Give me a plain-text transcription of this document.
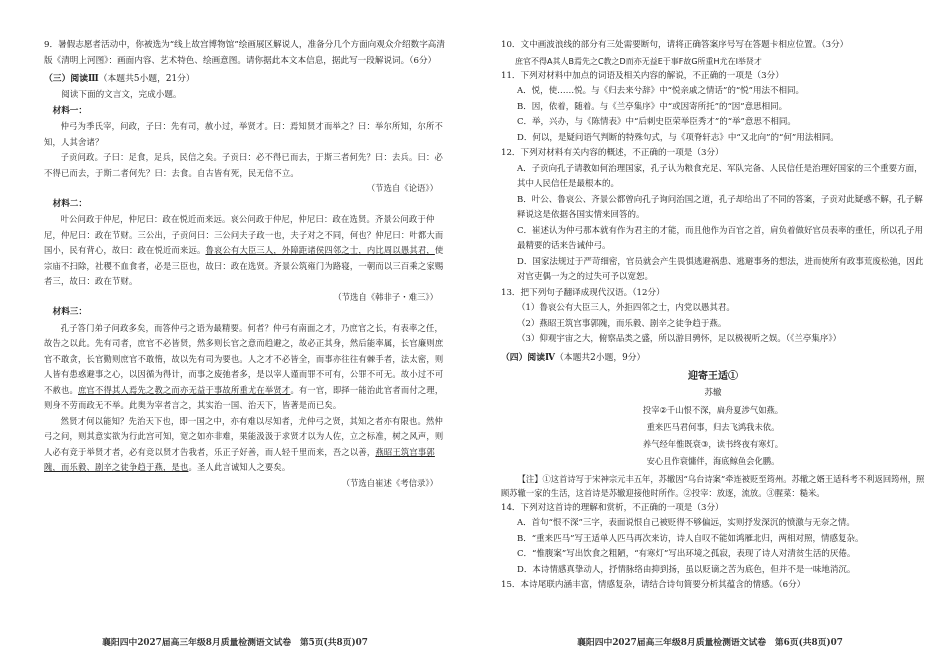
9．暑假志愿者活动中，你被选为“线上故宫博物馆”绘画展区解说人，准备分几个方面向观众介绍数字高清版《清明上河图》：画面内容、艺术特色、绘画意图。请你据此本文本信息，据此写一段解说词。（6分）

（三）阅读Ⅲ（本题共5小题，21分）

阅读下面的文言文，完成小题。

材料一：

仲弓为季氏宰，问政，子曰：先有司，赦小过，举贤才。曰：焉知贤才而举之？曰：举尔所知，尔所不知，人其舍诸？

子贡问政。子曰：足食，足兵，民信之矣。子贡曰：必不得已而去，于斯三者何先？曰：去兵。曰：必不得已而去，于斯二者何先？曰：去食。自古皆有死，民无信不立。

（节选自《论语》）

材料二：

叶公问政于仲尼，仲尼曰：政在悦近而来远。哀公问政于仲尼，仲尼曰：政在选贤。齐景公问政于仲尼，仲尼曰：政在节财。三公出，子贡问曰：三公问夫子政一也，夫子对之不同，何也？仲尼曰：叶都大而国小，民有背心，故曰：政在悦近而来远。鲁哀公有大臣三人，外障距诸侯四邻之士，内比周以愚其君，使宗庙不扫除，社稷不血食者，必是三臣也，故曰：政在选贤。齐景公筑雍门为路寝，一朝而以三百乘之家赐者三，故曰：政在节财。

（节选自《韩非子・难三》）

材料三：

孔子答门弟子问政多矣，而答仲弓之语为最精要。何者？仲弓有南面之才，乃庶官之长，有表率之任，故告之以此。先有司者，庶官不必皆贤，然多则长官之意而趋避之，故必正其身，然后能率属，长官廉则庶官不敢贪，长官勤则庶官不敢惰，故以先有司为要也。人之才不必皆全，而事亦往往有棘手者，法太密，则人皆有患惑避事之心，以因循为得计，而事之废弛者多，是以宰人谨而罪不可有，公罪不可无。故小过不可不赦也。庶官不得其人焉先之教之而亦无益于事故所重尤在举贤才。有一官，即择一能治此官者而付之理，则身不劳而政无不举。此奥为宰者言之，其实治一国、治天下，皆著是而已矣。

然贤才何以能知？先治天下也，即一国之中，亦有难以尽知者，尤仲弓之贤，其知之者亦有限也。然仲弓之问，则其意实欲为行此宫可知，宽之如亦非难，果能汲汲于求贤才以为人佐，立之标准，树之风声，则人必有竞于举贤才者，必有竞以贤才告我者，乐正子好善，而人轻千里而来，吾之以善，燕昭王筑宫事郭隗，而乐毅、剧辛之徒争趋于燕，是也。圣人此言诚知人之要矣。

（节选自崔述《考信录》）

襄阳四中2027届高三年级8月质量检测语文试卷　第5页(共8页)07

10．文中画波浪线的部分有三处需要断句，请将正确答案序号写在答题卡相应位置。（3分）

庶官不得A其人B焉先之C教之D而亦无益E于事F故G所重H尤在I举贤才

11．下列对材料中加点的词语及相关内容的解说，不正确的一项是（3分）

A．悦，使……悦。与《归去来兮辞》中“悦亲戚之情话”的“悦”用法不相同。

B．因，依着，随着。与《兰亭集序》中“或因寄所托”的“因”意思相同。

C．举，兴办，与《陈情表》中“后刺史臣荣举臣秀才”的“举”意思不相同。

D．何以，是疑问语气判断的特殊句式，与《项脊轩志》中“又北向”的“何”用法相同。

12．下列对材料有关内容的概述，不正确的一项是（3分）

A．子贡向孔子请教如何治理国家，孔子认为粮食充足、军队完备、人民信任是治理好国家的三个重要方面，其中人民信任是最根本的。

B．叶公、鲁哀公、齐景公都曾向孔子询问治国之道，孔子却给出了不同的答案，子贡对此疑惑不解，孔子解释说这是依据各国实情来回答的。

C．崔述认为仲弓那本就有作为君主的才能，而且他作为百官之首，肩负着做好官员表率的重任，所以孔子用最精要的话来告诫仲弓。

D．国家法规过于严苛细密，官员就会产生畏惧逃避祸患、逃避事务的想法，进而使所有政事荒废松弛，因此对官吏偶一为之的过失可予以宽恕。

13．把下列句子翻译成现代汉语。（12分）

（1）鲁哀公有大臣三人，外拒四邻之士，内党以愚其君。

（2）燕昭王筑宫事郭隗，而乐毅、剧辛之徒争趋于燕。

（3）仰观宇宙之大，俯察品类之盛，所以游目骋怀，足以极视听之娱。（《兰亭集序》）

（四）阅读Ⅳ（本题共2小题，9分）

迎寄王适①

苏辙

投宰②千山恨不深，扁舟夏涉气如燕。

重来匹马君何事，归去飞鸿我未依。

养气经年惟既衰③，读书终夜有寒灯。

安心且作衰慵伴，海底鲸鱼会化鹏。

【注】①这首诗写于宋神宗元丰五年，苏辙因“乌台诗案”牵连被贬至筠州。苏辙之婿王适科考不利返回筠州，照顾苏辙一家的生活，这首诗是苏辙迎接他时所作。②投宰：放逐，流放。③腥菜：糙米。

14．下列对这首诗的理解和赏析，不正确的一项是（3分）

A．首句“恨不深”三字，表面说恨自己被贬得不够偏远，实则抒发深沉的愤激与无奈之情。

B．“重来匹马”写王适单人匹马再次来访，诗人自叹不能如鸿雁北归，两相对照，情感复杂。

C．“惟腹案”写出饮食之粗陋，“有寒灯”写出环境之孤寂，表现了诗人对清贫生活的厌倦。

D．本诗情感真挚动人，抒情脉络由抑到扬，虽以贬谪之苦为底色，但并不是一味地消沉。

15．本诗尾联内涵丰富，情感复杂，请结合诗句简要分析其蕴含的情感。（6分）

襄阳四中2027届高三年级8月质量检测语文试卷　第6页(共8页)07
